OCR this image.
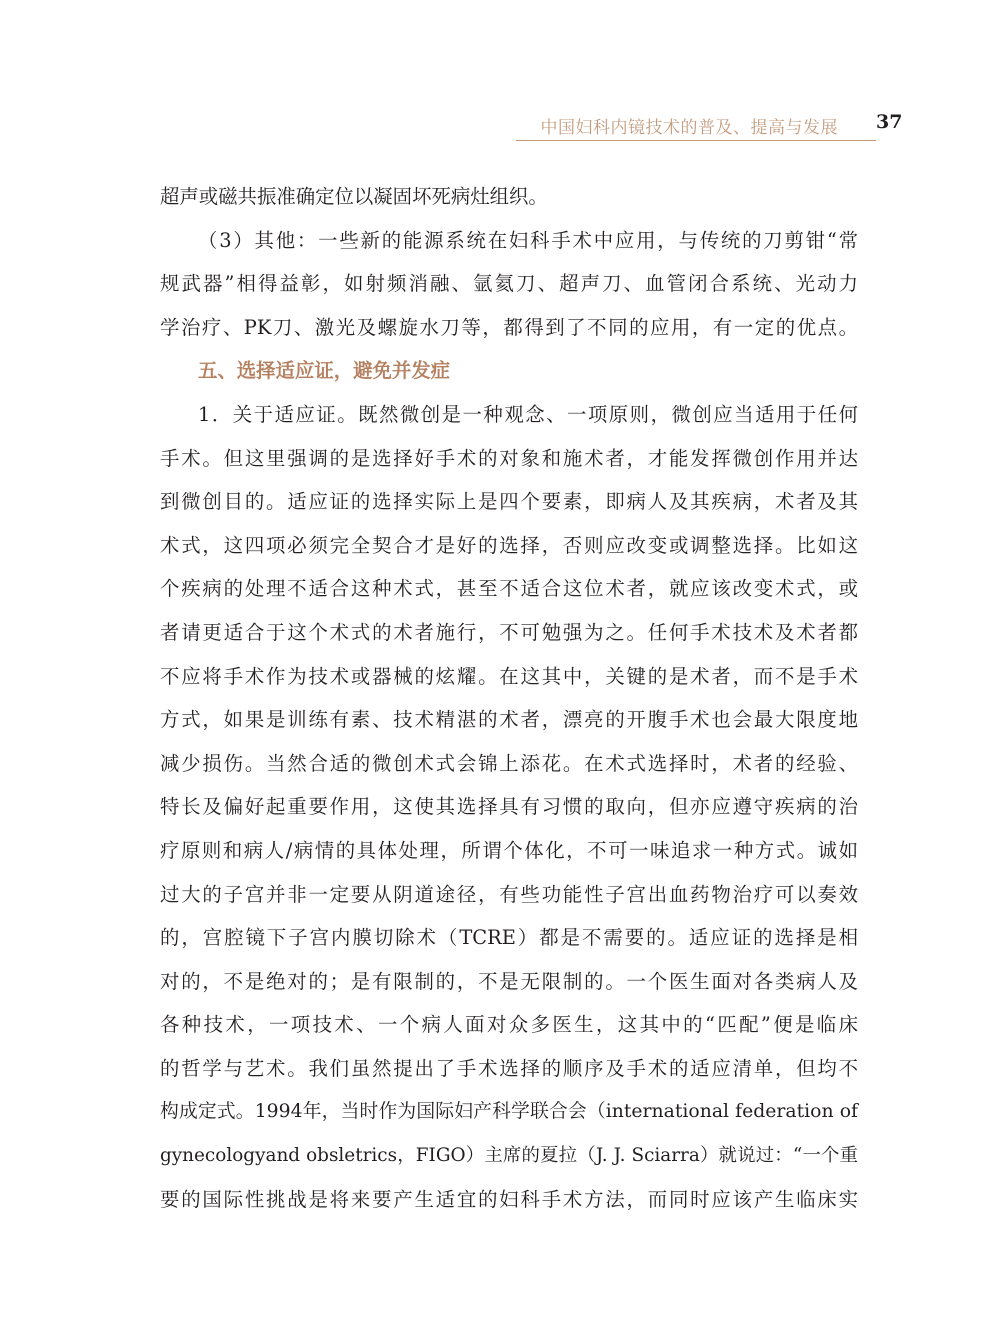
中国妇科内镜技术的普及、提高与发展 37
超声或磁共振准确定位以凝固坏死病灶组织。
（3）其他：一些新的能源系统在妇科手术中应用，与传统的刀剪钳“常
规武器”相得益彰，如射频消融、氩氦刀、超声刀、血管闭合系统、光动力
学治疗、PK刀、激光及螺旋水刀等，都得到了不同的应用，有一定的优点。
五、选择适应证，避免并发症
1．关于适应证。既然微创是一种观念、一项原则，微创应当适用于任何
手术。但这里强调的是选择好手术的对象和施术者，才能发挥微创作用并达
到微创目的。适应证的选择实际上是四个要素，即病人及其疾病，术者及其
术式，这四项必须完全契合才是好的选择，否则应改变或调整选择。比如这
个疾病的处理不适合这种术式，甚至不适合这位术者，就应该改变术式，或
者请更适合于这个术式的术者施行，不可勉强为之。任何手术技术及术者都
不应将手术作为技术或器械的炫耀。在这其中，关键的是术者，而不是手术
方式，如果是训练有素、技术精湛的术者，漂亮的开腹手术也会最大限度地
减少损伤。当然合适的微创术式会锦上添花。在术式选择时，术者的经验、
特长及偏好起重要作用，这使其选择具有习惯的取向，但亦应遵守疾病的治
疗原则和病人/病情的具体处理，所谓个体化，不可一味追求一种方式。诚如
过大的子宫并非一定要从阴道途径，有些功能性子宫出血药物治疗可以奏效
的，宫腔镜下子宫内膜切除术（TCRE）都是不需要的。适应证的选择是相
对的，不是绝对的；是有限制的，不是无限制的。一个医生面对各类病人及
各种技术，一项技术、一个病人面对众多医生，这其中的“匹配”便是临床
的哲学与艺术。我们虽然提出了手术选择的顺序及手术的适应清单，但均不
构成定式。1994年，当时作为国际妇产科学联合会（international federation of
gynecologyand obsletrics，FIGO）主席的夏拉（J. J. Sciarra）就说过：“一个重
要的国际性挑战是将来要产生适宜的妇科手术方法，而同时应该产生临床实
